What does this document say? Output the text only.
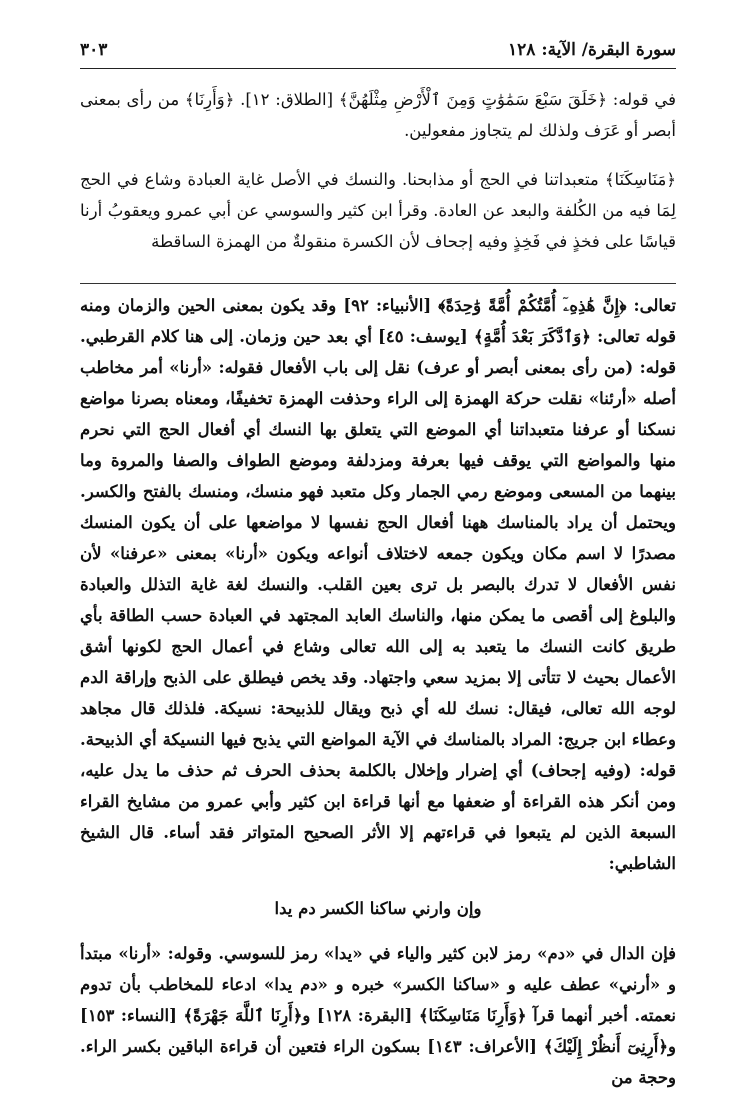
سورة البقرة/ الآية: ١٢٨
٣٠٣

في قوله: ﴿خَلَقَ سَبْعَ سَمَٰوَٰتٍ وَمِنَ ٱلْأَرْضِ مِثْلَهُنَّ﴾ [الطلاق: ١٢]. ﴿وَأَرِنَا﴾ من رأى بمعنى أبصر أو عَرَف ولذلك لم يتجاوز مفعولين.

﴿مَنَاسِكَنَا﴾ متعبداتنا في الحج أو مذابحنا. والنسك في الأصل غاية العبادة وشاع في الحج لِمَا فيه من الكُلفة والبعد عن العادة. وقرأ ابن كثير والسوسي عن أبي عمرو ويعقوبُ أرنا قياسًا على فخذٍ في فَخِذٍ وفيه إجحاف لأن الكسرة منقولةٌ من الهمزة الساقطة

تعالى: ﴿إِنَّ هَٰذِهِۦٓ أُمَّتُكُمْ أُمَّةً وَٰحِدَةً﴾ [الأنبياء: ٩٢] وقد يكون بمعنى الحين والزمان ومنه قوله تعالى: ﴿وَٱدَّكَرَ بَعْدَ أُمَّةٍ﴾ [يوسف: ٤٥] أي بعد حين وزمان. إلى هنا كلام القرطبي. قوله: (من رأى بمعنى أبصر أو عرف) نقل إلى باب الأفعال فقوله: «أرنا» أمر مخاطب أصله «أرئنا» نقلت حركة الهمزة إلى الراء وحذفت الهمزة تخفيفًا، ومعناه بصرنا مواضع نسكنا أو عرفنا متعبداتنا أي الموضع التي يتعلق بها النسك أي أفعال الحج التي نحرم منها والمواضع التي يوقف فيها بعرفة ومزدلفة وموضع الطواف والصفا والمروة وما بينهما من المسعى وموضع رمي الجمار وكل متعبد فهو منسك، ومنسك بالفتح والكسر. ويحتمل أن يراد بالمناسك ههنا أفعال الحج نفسها لا مواضعها على أن يكون المنسك مصدرًا لا اسم مكان ويكون جمعه لاختلاف أنواعه ويكون «أرنا» بمعنى «عرفنا» لأن نفس الأفعال لا تدرك بالبصر بل ترى بعين القلب. والنسك لغة غاية التذلل والعبادة والبلوغ إلى أقصى ما يمكن منها، والناسك العابد المجتهد في العبادة حسب الطاقة بأي طريق كانت النسك ما يتعبد به إلى الله تعالى وشاع في أعمال الحج لكونها أشق الأعمال بحيث لا تتأتى إلا بمزيد سعي واجتهاد. وقد يخص فيطلق على الذبح وإراقة الدم لوجه الله تعالى، فيقال: نسك لله أي ذبح ويقال للذبيحة: نسيكة. فلذلك قال مجاهد وعطاء ابن جريج: المراد بالمناسك في الآية المواضع التي يذبح فيها النسيكة أي الذبيحة. قوله: (وفيه إجحاف) أي إضرار وإخلال بالكلمة بحذف الحرف ثم حذف ما يدل عليه، ومن أنكر هذه القراءة أو ضعفها مع أنها قراءة ابن كثير وأبي عمرو من مشايخ القراء السبعة الذين لم يتبعوا في قراءتهم إلا الأثر الصحيح المتواتر فقد أساء. قال الشيخ الشاطبي:

وإن وارني ساكنا الكسر دم يدا

فإن الدال في «دم» رمز لابن كثير والياء في «يدا» رمز للسوسي. وقوله: «أرنا» مبتدأ و «أرني» عطف عليه و «ساكنا الكسر» خبره و «دم يدا» ادعاء للمخاطب بأن تدوم نعمته. أخبر أنهما قرآ ﴿وَأَرِنَا مَنَاسِكَنَا﴾ [البقرة: ١٢٨] و﴿أَرِنَا ٱللَّهَ جَهْرَةً﴾ [النساء: ١٥٣] و﴿أَرِنِىٓ أَنظُرْ إِلَيْكَ﴾ [الأعراف: ١٤٣] بسكون الراء فتعين أن قراءة الباقين بكسر الراء. وحجة من
